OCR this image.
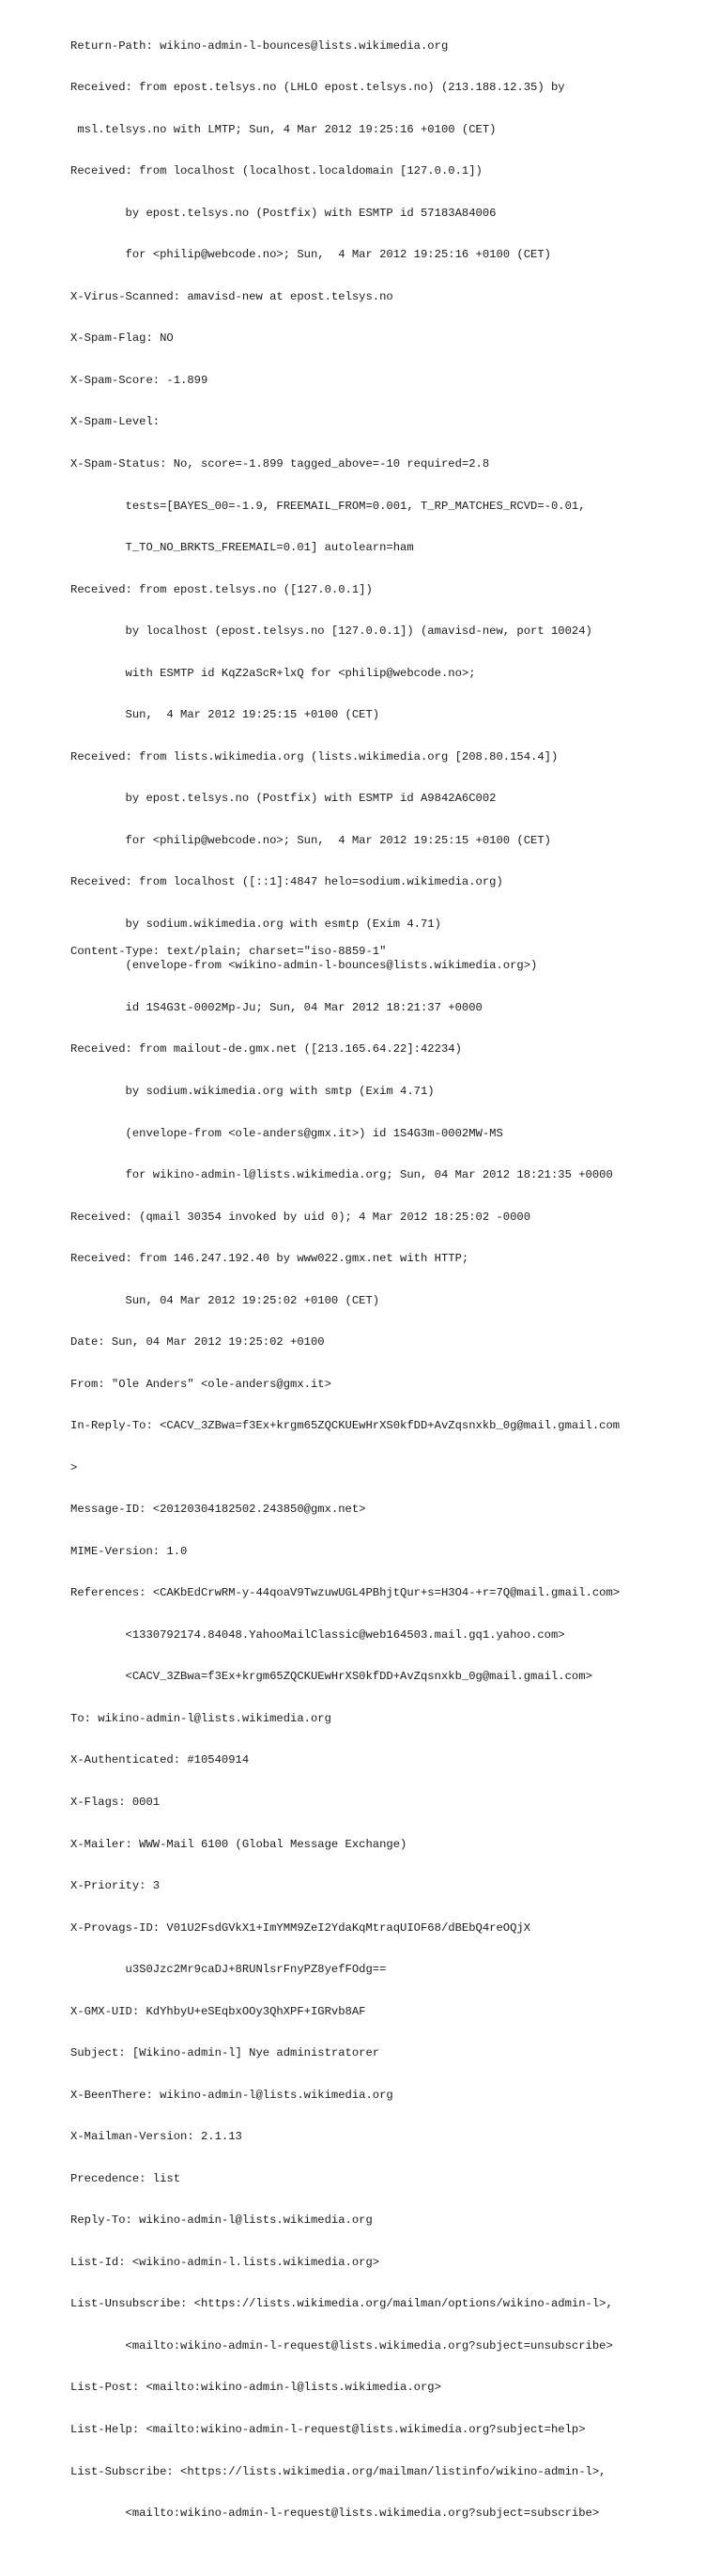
Return-Path: wikino-admin-l-bounces@lists.wikimedia.org

Received: from epost.telsys.no (LHLO epost.telsys.no) (213.188.12.35) by

msl.telsys.no with LMTP; Sun, 4 Mar 2012 19:25:16 +0100 (CET)

Received: from localhost (localhost.localdomain [127.0.0.1])

by epost.telsys.no (Postfix) with ESMTP id 57183A84006

for <philip@webcode.no>; Sun,  4 Mar 2012 19:25:16 +0100 (CET)

X-Virus-Scanned: amavisd-new at epost.telsys.no

X-Spam-Flag: NO

X-Spam-Score: -1.899

X-Spam-Level:

X-Spam-Status: No, score=-1.899 tagged_above=-10 required=2.8

tests=[BAYES_00=-1.9, FREEMAIL_FROM=0.001, T_RP_MATCHES_RCVD=-0.01,

T_TO_NO_BRKTS_FREEMAIL=0.01] autolearn=ham

Received: from epost.telsys.no ([127.0.0.1])

by localhost (epost.telsys.no [127.0.0.1]) (amavisd-new, port 10024)

with ESMTP id KqZ2aScR+lxQ for <philip@webcode.no>;

Sun,  4 Mar 2012 19:25:15 +0100 (CET)

Received: from lists.wikimedia.org (lists.wikimedia.org [208.80.154.4])

by epost.telsys.no (Postfix) with ESMTP id A9842A6C002

for <philip@webcode.no>; Sun,  4 Mar 2012 19:25:15 +0100 (CET)

Received: from localhost ([::1]:4847 helo=sodium.wikimedia.org)

by sodium.wikimedia.org with esmtp (Exim 4.71)

(envelope-from <wikino-admin-l-bounces@lists.wikimedia.org>)

id 1S4G3t-0002Mp-Ju; Sun, 04 Mar 2012 18:21:37 +0000

Received: from mailout-de.gmx.net ([213.165.64.22]:42234)

by sodium.wikimedia.org with smtp (Exim 4.71)

(envelope-from <ole-anders@gmx.it>) id 1S4G3m-0002MW-MS

for wikino-admin-l@lists.wikimedia.org; Sun, 04 Mar 2012 18:21:35 +0000

Received: (qmail 30354 invoked by uid 0); 4 Mar 2012 18:25:02 -0000

Received: from 146.247.192.40 by www022.gmx.net with HTTP;

Sun, 04 Mar 2012 19:25:02 +0100 (CET)

Date: Sun, 04 Mar 2012 19:25:02 +0100

From: "Ole Anders" <ole-anders@gmx.it>

In-Reply-To: <CACV_3ZBwa=f3Ex+krgm65ZQCKUEwHrXS0kfDD+AvZqsnxkb_0g@mail.gmail.com

>

Message-ID: <20120304182502.243850@gmx.net>

MIME-Version: 1.0

References: <CAKbEdCrwRM-y-44qoaV9TwzuwUGL4PBhjtQur+s=H3O4-+r=7Q@mail.gmail.com>

<1330792174.84048.YahooMailClassic@web164503.mail.gq1.yahoo.com>

<CACV_3ZBwa=f3Ex+krgm65ZQCKUEwHrXS0kfDD+AvZqsnxkb_0g@mail.gmail.com>

To: wikino-admin-l@lists.wikimedia.org

X-Authenticated: #10540914

X-Flags: 0001

X-Mailer: WWW-Mail 6100 (Global Message Exchange)

X-Priority: 3

X-Provags-ID: V01U2FsdGVkX1+ImYMM9ZeI2YdaKqMtraqUIOF68/dBEbQ4reOQjX

u3S0Jzc2Mr9caDJ+8RUNlsrFnyPZ8yefFOdg==

X-GMX-UID: KdYhbyU+eSEqbxOOy3QhXPF+IGRvb8AF

Subject: [Wikino-admin-l] Nye administratorer

X-BeenThere: wikino-admin-l@lists.wikimedia.org

X-Mailman-Version: 2.1.13

Precedence: list

Reply-To: wikino-admin-l@lists.wikimedia.org

List-Id: <wikino-admin-l.lists.wikimedia.org>

List-Unsubscribe: <https://lists.wikimedia.org/mailman/options/wikino-admin-l>,

<mailto:wikino-admin-l-request@lists.wikimedia.org?subject=unsubscribe>

List-Post: <mailto:wikino-admin-l@lists.wikimedia.org>

List-Help: <mailto:wikino-admin-l-request@lists.wikimedia.org?subject=help>

List-Subscribe: <https://lists.wikimedia.org/mailman/listinfo/wikino-admin-l>,

<mailto:wikino-admin-l-request@lists.wikimedia.org?subject=subscribe>

Content-Type: text/plain; charset="iso-8859-1"
